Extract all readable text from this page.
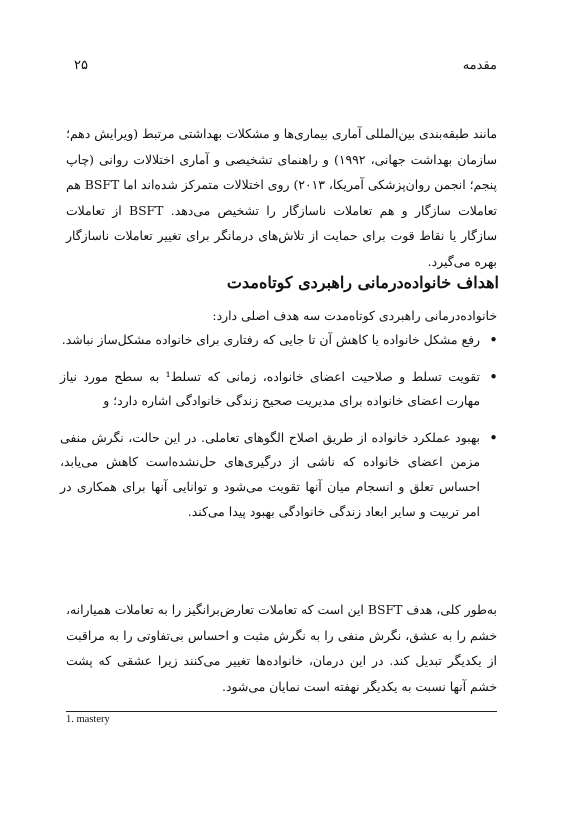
مقدمه
۲۵

مانند طبقه‌بندی بین‌المللی آماری بیماری‌ها و مشکلات بهداشتی مرتبط (ویرایش دهم؛ سازمان بهداشت جهانی، ۱۹۹۲) و راهنمای تشخیصی و آماری اختلالات روانی (چاپ پنجم؛ انجمن روان‌پزشکی آمریکا، ۲۰۱۳) روی اختلالات متمرکز شده‌اند اما BSFT هم تعاملات سازگار و هم تعاملات ناسازگار را تشخیص می‌دهد. BSFT از تعاملات سازگار یا نقاط قوت برای حمایت از تلاش‌های درمانگر برای تغییر تعاملات ناسازگار بهره می‌گیرد.

اهداف خانواده‌درمانی راهبردی کوتاه‌مدت
خانواده‌درمانی راهبردی کوتاه‌مدت سه هدف اصلی دارد:
• رفع مشکل خانواده یا کاهش آن تا جایی که رفتاری برای خانواده مشکل‌ساز نباشد.
• تقویت تسلط و صلاحیت اعضای خانواده، زمانی که تسلط¹ به سطح مورد نیاز مهارت اعضای خانواده برای مدیریت صحیح زندگی خانوادگی اشاره دارد؛ و
• بهبود عملکرد خانواده از طریق اصلاح الگوهای تعاملی. در این حالت، نگرش منفی مزمن اعضای خانواده که ناشی از درگیری‌های حل‌نشده‌است کاهش می‌یابد، احساس تعلق و انسجام میان آنها تقویت می‌شود و توانایی آنها برای همکاری در امر تربیت و سایر ابعاد زندگی خانوادگی بهبود پیدا می‌کند.

به‌طور کلی، هدف BSFT این است که تعاملات تعارض‌برانگیز را به تعاملات همیارانه، خشم را به عشق، نگرش منفی را به نگرش مثبت و احساس بی‌تفاوتی را به مراقبت از یکدیگر تبدیل کند. در این درمان، خانواده‌ها تغییر می‌کنند زیرا عشقی که پشت خشم آنها نسبت به یکدیگر نهفته است نمایان می‌شود.

1. mastery
